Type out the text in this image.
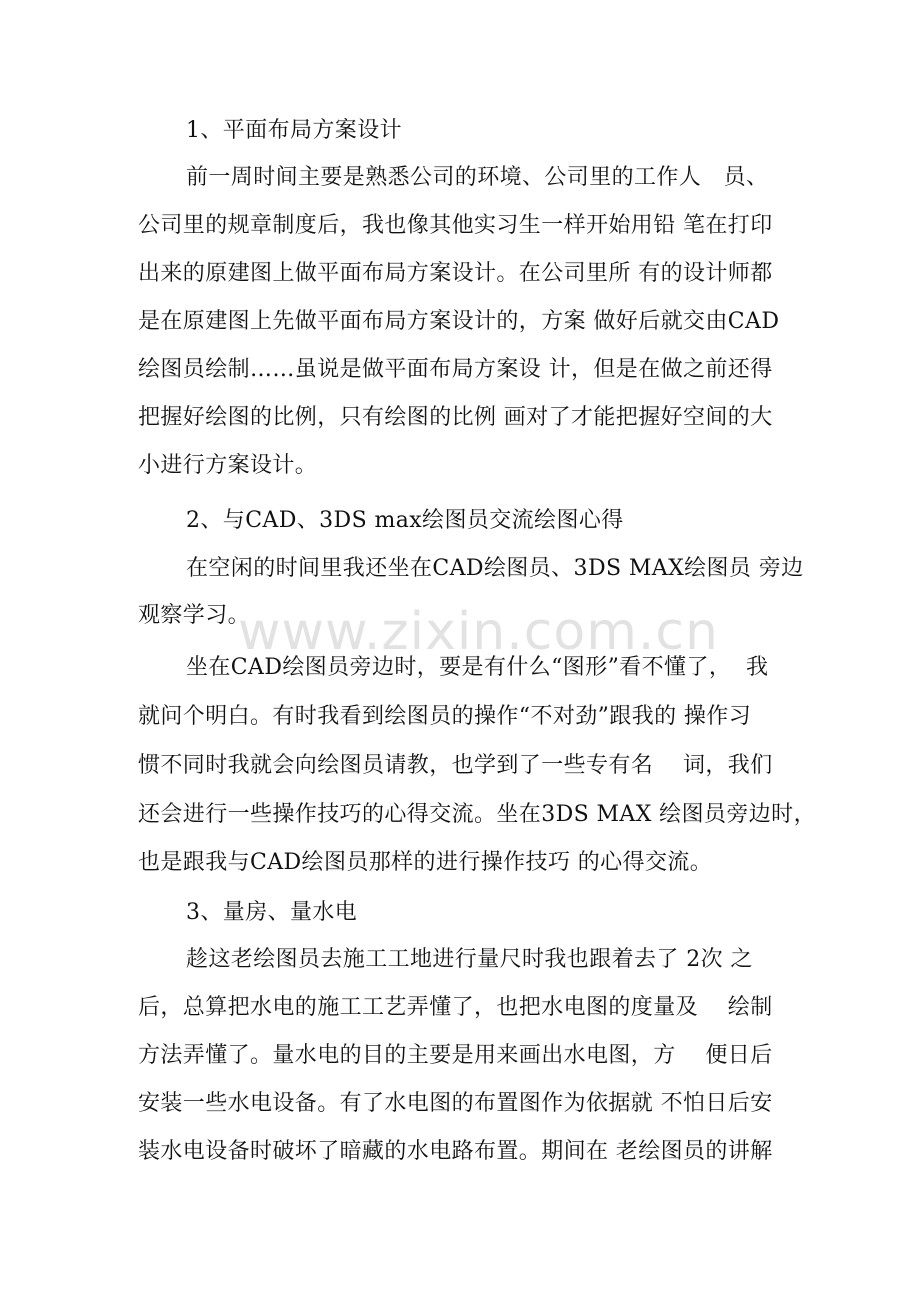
1、平面布局方案设计
前一周时间主要是熟悉公司的环境、公司里的工作人　员、
公司里的规章制度后，我也像其他实习生一样开始用铅 笔在打印
出来的原建图上做平面布局方案设计。在公司里所 有的设计师都
是在原建图上先做平面布局方案设计的，方案 做好后就交由CAD
绘图员绘制……虽说是做平面布局方案设 计，但是在做之前还得
把握好绘图的比例，只有绘图的比例 画对了才能把握好空间的大
小进行方案设计。
2、与CAD、3DS max绘图员交流绘图心得
在空闲的时间里我还坐在CAD绘图员、3DS MAX绘图员 旁边
观察学习。
坐在CAD绘图员旁边时，要是有什么“图形”看不懂了，  我
就问个明白。有时我看到绘图员的操作“不对劲”跟我的 操作习
惯不同时我就会向绘图员请教，也学到了一些专有名　 词，我们
还会进行一些操作技巧的心得交流。坐在3DS MAX 绘图员旁边时，
也是跟我与CAD绘图员那样的进行操作技巧 的心得交流。
3、量房、量水电
趁这老绘图员去施工工地进行量尺时我也跟着去了 2次 之
后，总算把水电的施工工艺弄懂了，也把水电图的度量及　 绘制
方法弄懂了。量水电的目的主要是用来画出水电图，方　 便日后
安装一些水电设备。有了水电图的布置图作为依据就 不怕日后安
装水电设备时破坏了暗藏的水电路布置。期间在 老绘图员的讲解
www.zixin.com.cn
